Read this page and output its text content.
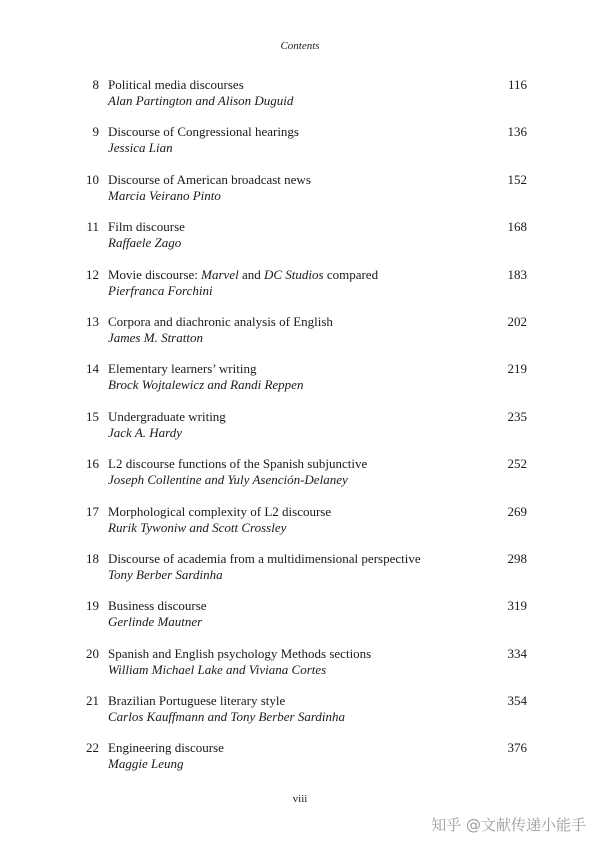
Contents
8 Political media discourses
Alan Partington and Alison Duguid
116
9 Discourse of Congressional hearings
Jessica Lian
136
10 Discourse of American broadcast news
Marcia Veirano Pinto
152
11 Film discourse
Raffaele Zago
168
12 Movie discourse: Marvel and DC Studios compared
Pierfranca Forchini
183
13 Corpora and diachronic analysis of English
James M. Stratton
202
14 Elementary learners’ writing
Brock Wojtalewicz and Randi Reppen
219
15 Undergraduate writing
Jack A. Hardy
235
16 L2 discourse functions of the Spanish subjunctive
Joseph Collentine and Yuly Asención-Delaney
252
17 Morphological complexity of L2 discourse
Rurik Tywoniw and Scott Crossley
269
18 Discourse of academia from a multidimensional perspective
Tony Berber Sardinha
298
19 Business discourse
Gerlinde Mautner
319
20 Spanish and English psychology Methods sections
William Michael Lake and Viviana Cortes
334
21 Brazilian Portuguese literary style
Carlos Kauffmann and Tony Berber Sardinha
354
22 Engineering discourse
Maggie Leung
376
viii
知乎 @文献传递小能手
